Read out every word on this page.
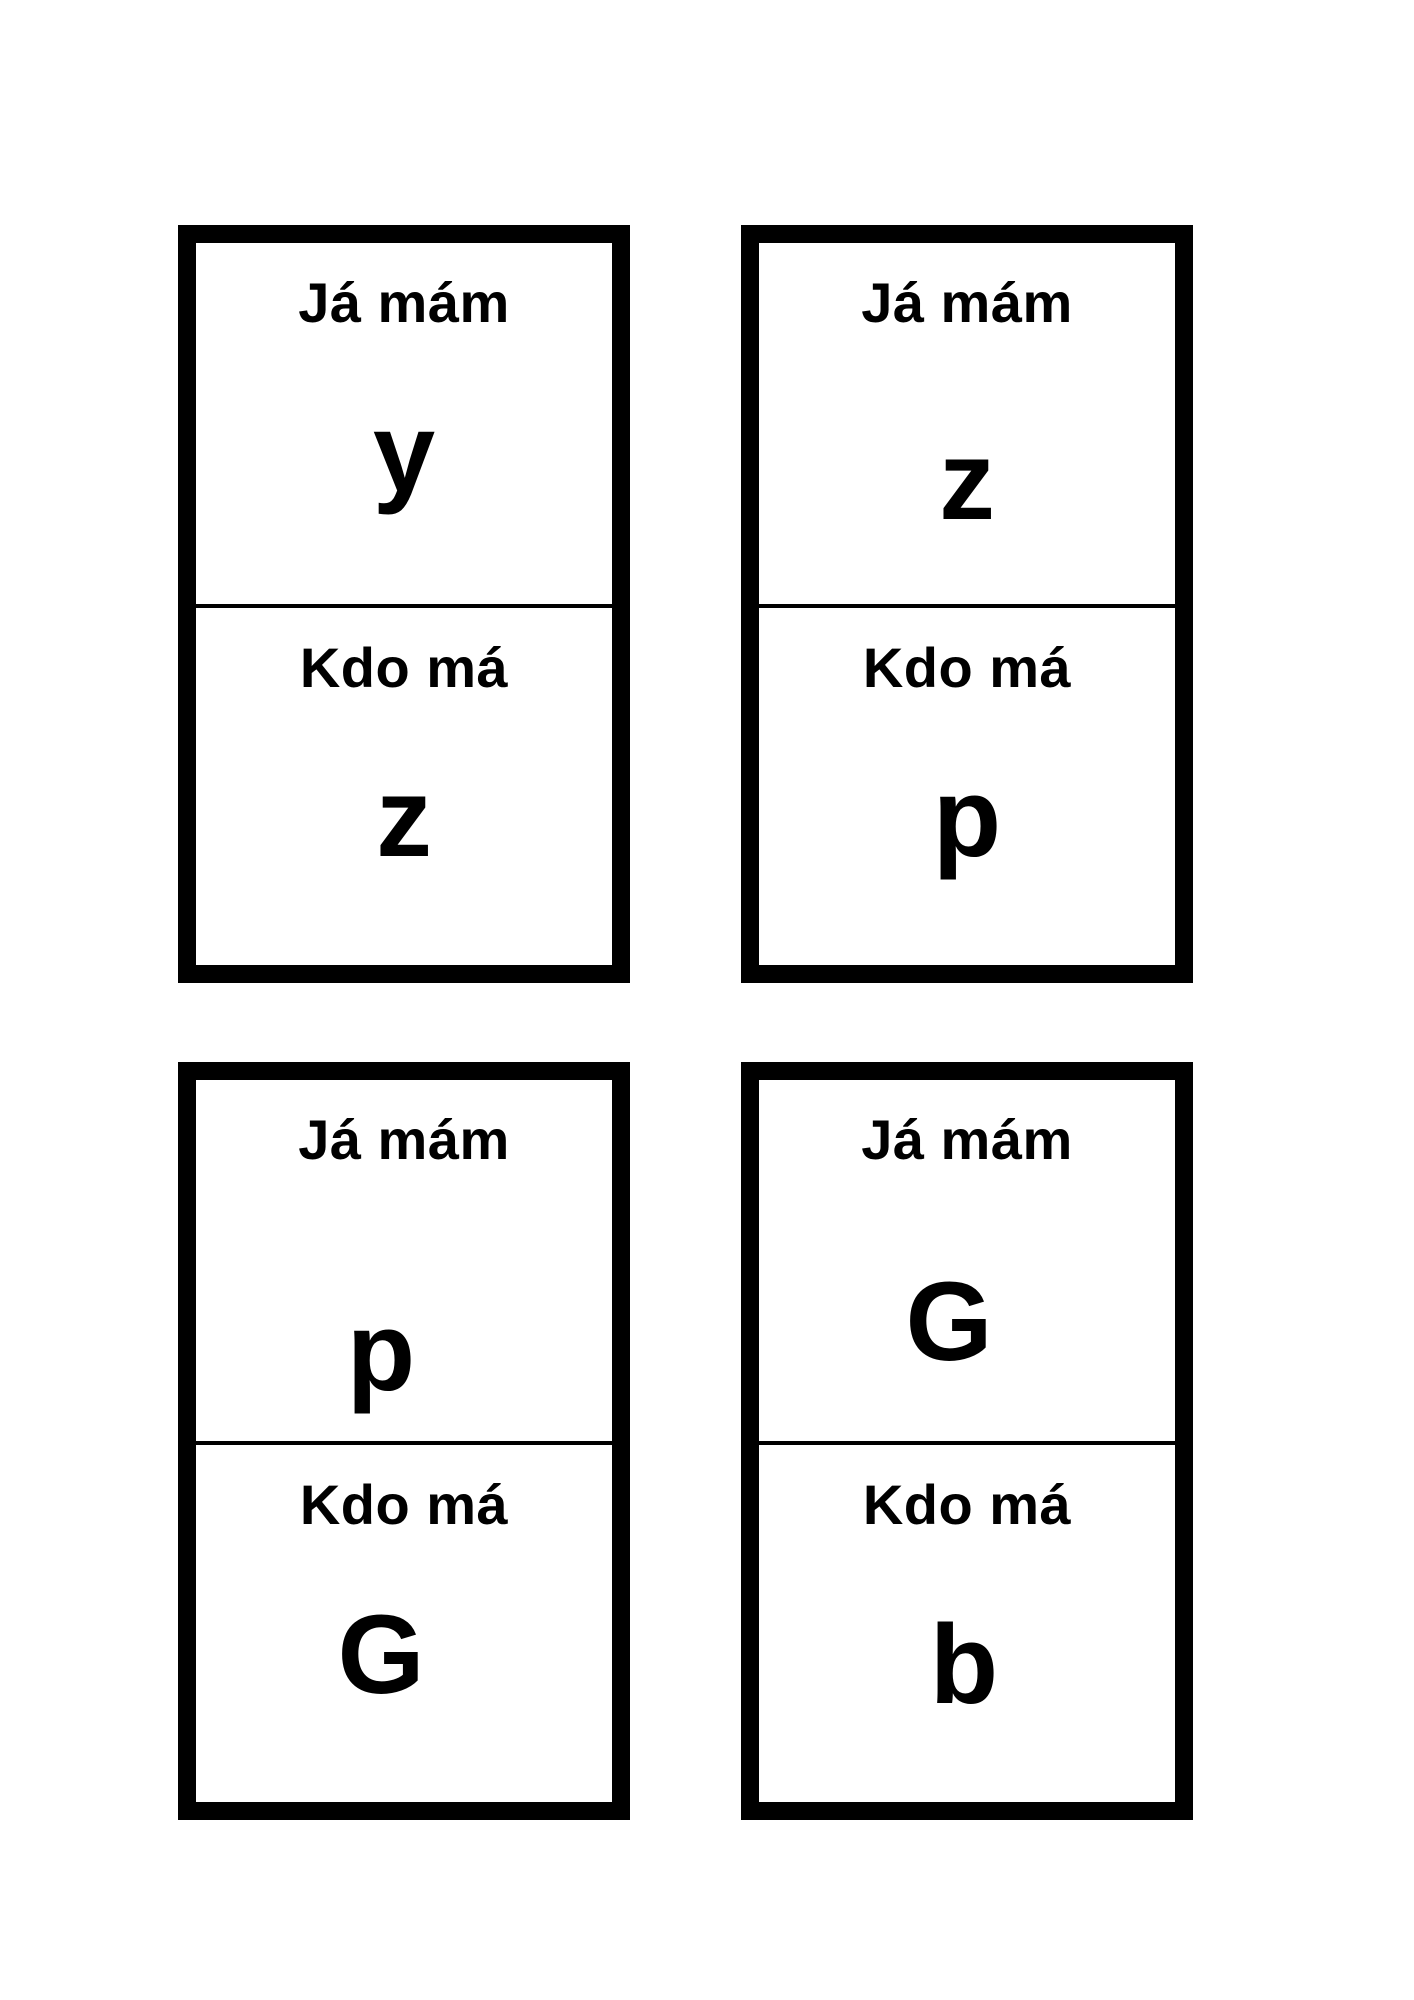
Já mám
y
Kdo má
z
Já mám
z
Kdo má
p
Já mám
p
Kdo má
G
Já mám
G
Kdo má
b
